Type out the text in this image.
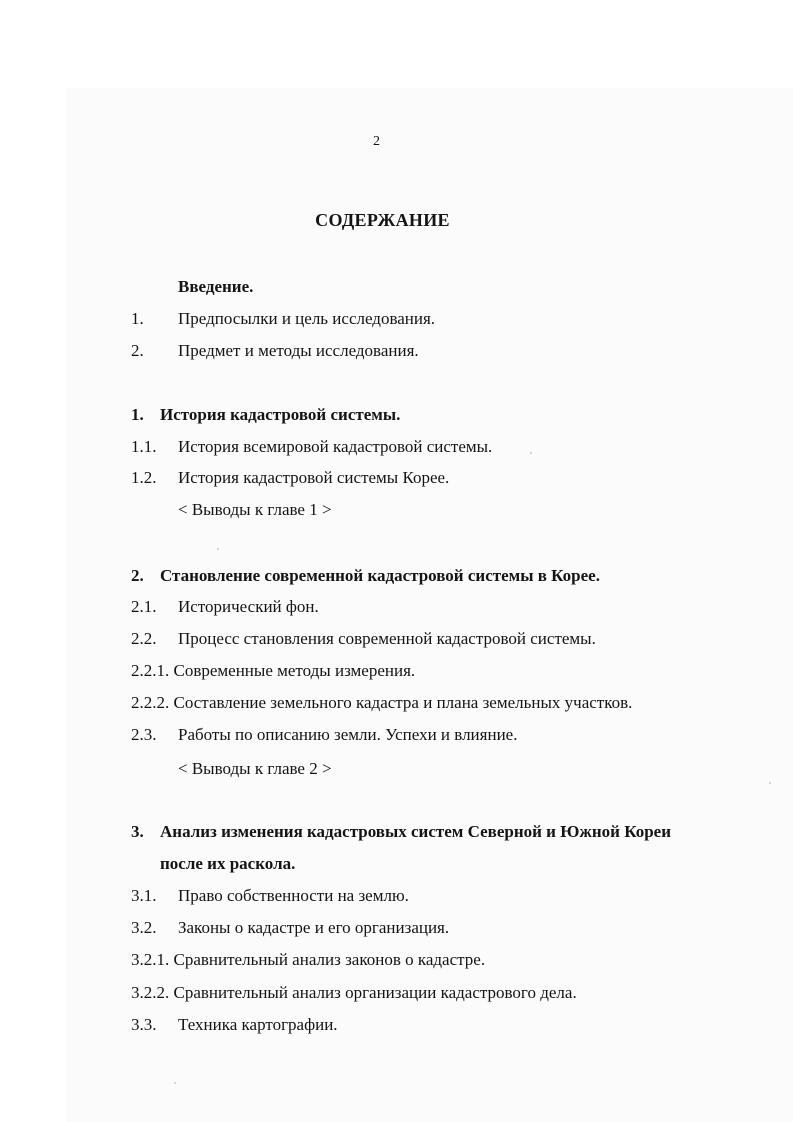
2
СОДЕРЖАНИЕ
Введение.
1. Предпосылки и цель исследования.
2. Предмет и методы исследования.
1. История кадастровой системы.
1.1. История всемировой кадастровой системы.
1.2. История кадастровой системы Корее.
< Выводы к главе 1 >
2. Становление современной кадастровой системы в Корее.
2.1. Исторический фон.
2.2. Процесс становления современной кадастровой системы.
2.2.1. Современные методы измерения.
2.2.2. Составление земельного кадастра и плана земельных участков.
2.3. Работы по описанию земли. Успехи и влияние.
< Выводы к главе 2 >
3. Анализ изменения кадастровых систем Северной и Южной Кореи
после их раскола.
3.1. Право собственности на землю.
3.2. Законы о кадастре и его организация.
3.2.1. Сравнительный анализ законов о кадастре.
3.2.2. Сравнительный анализ организации кадастрового дела.
3.3. Техника картографии.
